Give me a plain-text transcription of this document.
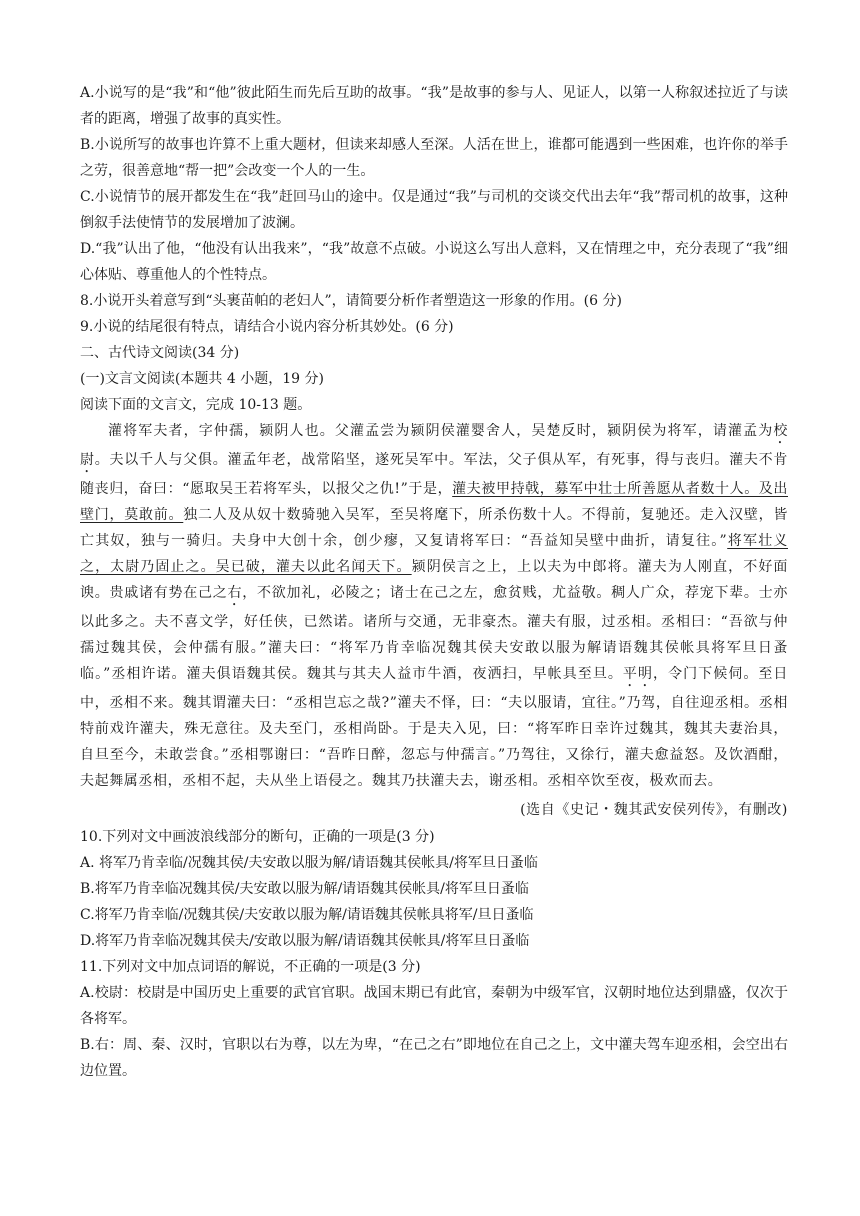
A.小说写的是“我”和“他”彼此陌生而先后互助的故事。“我”是故事的参与人、见证人，以第一人称叙述拉近了与读者的距离，增强了故事的真实性。

B.小说所写的故事也许算不上重大题材，但读来却感人至深。人活在世上，谁都可能遇到一些困难，也许你的举手之劳，很善意地“帮一把”会改变一个人的一生。

C.小说情节的展开都发生在“我”赶回马山的途中。仅是通过“我”与司机的交谈交代出去年“我”帮司机的故事，这种倒叙手法使情节的发展增加了波澜。

D.“我”认出了他，“他没有认出我来”，“我”故意不点破。小说这么写出人意料，又在情理之中，充分表现了“我”细心体贴、尊重他人的个性特点。

8.小说开头着意写到“头裹苗帕的老妇人”，请简要分析作者塑造这一形象的作用。(6 分)

9.小说的结尾很有特点，请结合小说内容分析其妙处。(6 分)

二、古代诗文阅读(34 分)

(一)文言文阅读(本题共 4 小题，19 分)

阅读下面的文言文，完成 10-13 题。

灌将军夫者，字仲孺，颍阴人也。父灌孟尝为颍阴侯灌婴舍人，吴楚反时，颍阴侯为将军，请灌孟为校尉。夫以千人与父俱。灌孟年老，战常陷坚，遂死吴军中。军法，父子俱从军，有死事，得与丧归。灌夫不肯随丧归，奋曰：“愿取吴王若将军头，以报父之仇!”于是，灌夫被甲持戟，募军中壮士所善愿从者数十人。及出壁门，莫敢前。独二人及从奴十数骑驰入吴军，至吴将麾下，所杀伤数十人。不得前，复驰还。走入汉壁，皆亡其奴，独与一骑归。夫身中大创十余，创少瘳，又复请将军曰：“吾益知吴壁中曲折，请复往。”将军壮义之，太尉乃固止之。吴已破，灌夫以此名闻天下。颍阴侯言之上，上以夫为中郎将。灌夫为人刚直，不好面谀。贵戚诸有势在己之右，不欲加礼，必陵之；诸士在己之左，愈贫贱，尤益敬。稠人广众，荐宠下辈。士亦以此多之。夫不喜文学，好任侠，已然诺。诸所与交通，无非豪杰。灌夫有服，过丞相。丞相曰：“吾欲与仲孺过魏其侯，会仲孺有服。”灌夫曰：“将军乃肯幸临况魏其侯夫安敢以服为解请语魏其侯帐具将军旦日蚤临。”丞相许诺。灌夫俱语魏其侯。魏其与其夫人益市牛酒，夜洒扫，早帐具至旦。平明，令门下候伺。至日中，丞相不来。魏其谓灌夫曰：“丞相岂忘之哉?”灌夫不怿，曰：“夫以服请，宜往。”乃驾，自往迎丞相。丞相特前戏许灌夫，殊无意往。及夫至门，丞相尚卧。于是夫入见，曰：“将军昨日幸许过魏其，魏其夫妻治具，自旦至今，未敢尝食。”丞相鄂谢曰：“吾昨日醉，忽忘与仲孺言。”乃驾往，又徐行，灌夫愈益怒。及饮酒酣，夫起舞属丞相，丞相不起，夫从坐上语侵之。魏其乃扶灌夫去，谢丞相。丞相卒饮至夜，极欢而去。

(选自《史记・魏其武安侯列传》，有删改)

10.下列对文中画波浪线部分的断句，正确的一项是(3 分)

A. 将军乃肯幸临/况魏其侯/夫安敢以服为解/请语魏其侯帐具/将军旦日蚤临

B.将军乃肯幸临况魏其侯/夫安敢以服为解/请语魏其侯帐具/将军旦日蚤临

C.将军乃肯幸临/况魏其侯/夫安敢以服为解/请语魏其侯帐具将军/旦日蚤临

D.将军乃肯幸临况魏其侯夫/安敢以服为解/请语魏其侯帐具/将军旦日蚤临

11.下列对文中加点词语的解说，不正确的一项是(3 分)

A.校尉：校尉是中国历史上重要的武官官职。战国末期已有此官，秦朝为中级军官，汉朝时地位达到鼎盛，仅次于各将军。

B.右：周、秦、汉时，官职以右为尊，以左为卑，“在己之右”即地位在自己之上，文中灌夫驾车迎丞相，会空出右边位置。
